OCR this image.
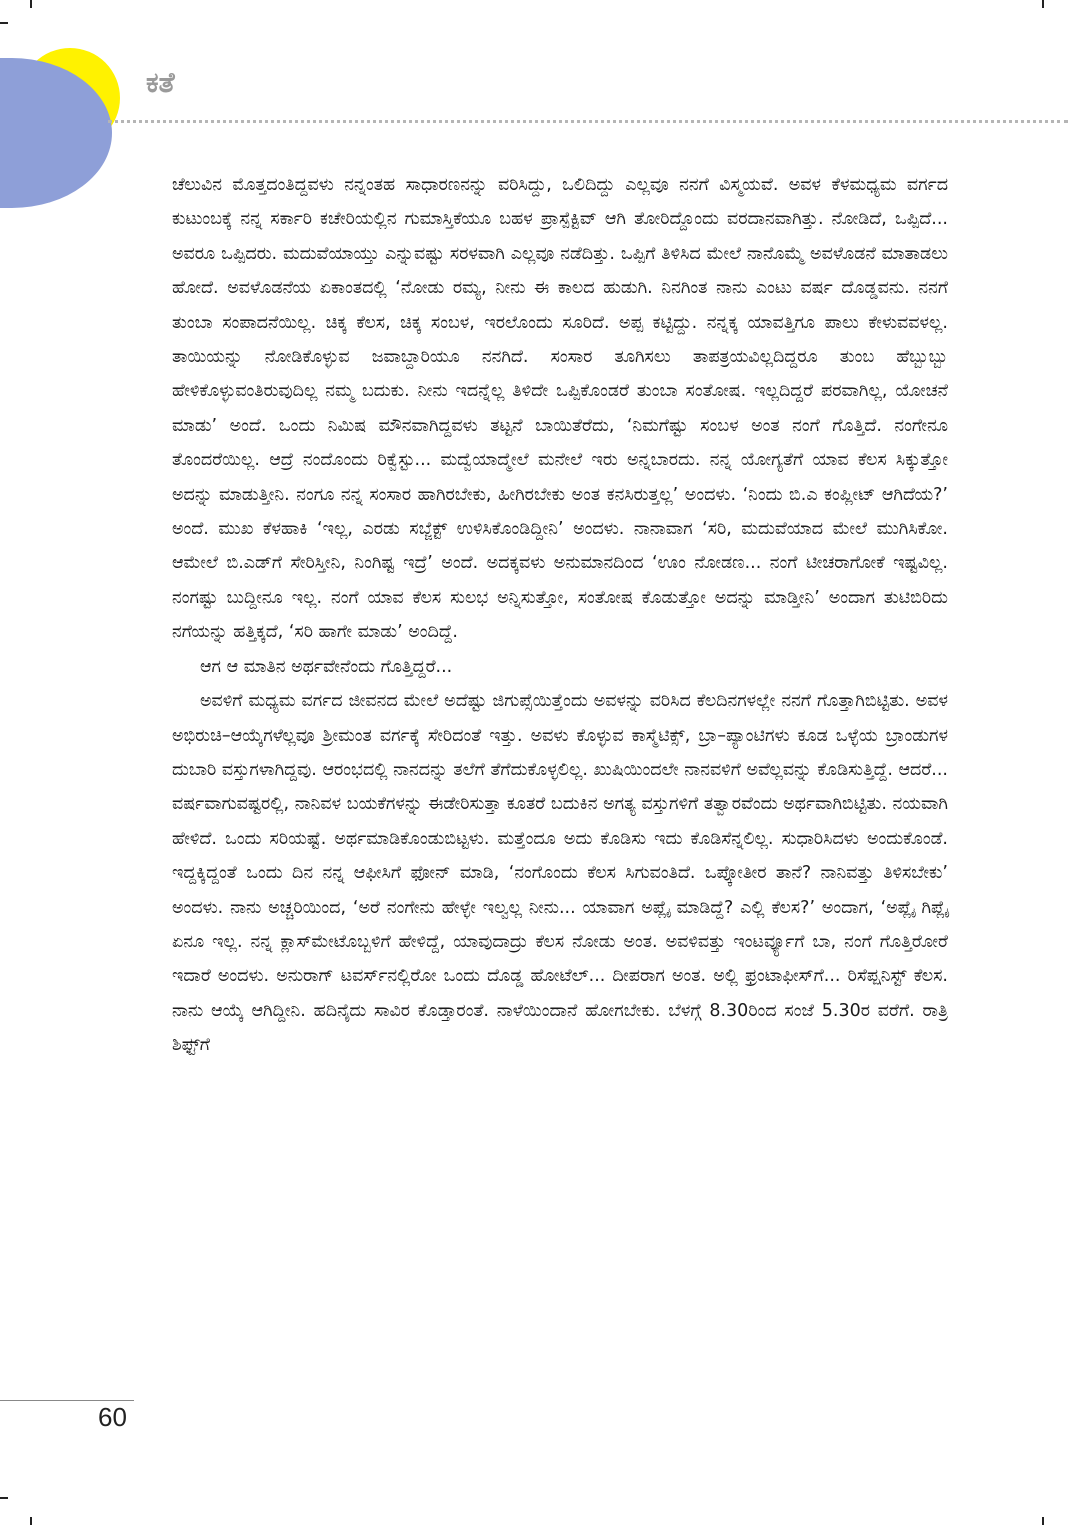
ಕತೆ

ಚೆಲುವಿನ ಮೊತ್ತದಂತಿದ್ದವಳು ನನ್ನಂತಹ ಸಾಧಾರಣನನ್ನು ವರಿಸಿದ್ದು, ಒಲಿದಿದ್ದು ಎಲ್ಲವೂ ನನಗೆ ವಿಸ್ಮಯವೆ. ಅವಳ ಕೆಳಮಧ್ಯಮ ವರ್ಗದ ಕುಟುಂಬಕ್ಕೆ ನನ್ನ ಸರ್ಕಾರಿ ಕಚೇರಿಯಲ್ಲಿನ ಗುಮಾಸ್ತಿಕೆಯೂ ಬಹಳ ಪ್ರಾಸ್ಪೆಕ್ಟಿವ್ ಆಗಿ ತೋರಿದ್ದೊಂದು ವರದಾನವಾಗಿತ್ತು. ನೋಡಿದೆ, ಒಪ್ಪಿದೆ... ಅವರೂ ಒಪ್ಪಿದರು. ಮದುವೆಯಾಯ್ತು ಎನ್ನುವಷ್ಟು ಸರಳವಾಗಿ ಎಲ್ಲವೂ ನಡೆದಿತ್ತು. ಒಪ್ಪಿಗೆ ತಿಳಿಸಿದ ಮೇಲೆ ನಾನೊಮ್ಮೆ ಅವಳೊಡನೆ ಮಾತಾಡಲು ಹೋದೆ. ಅವಳೊಡನೆಯ ಏಕಾಂತದಲ್ಲಿ ‘ನೋಡು ರಮ್ಯ, ನೀನು ಈ ಕಾಲದ ಹುಡುಗಿ. ನಿನಗಿಂತ ನಾನು ಎಂಟು ವರ್ಷ ದೊಡ್ಡವನು. ನನಗೆ ತುಂಬಾ ಸಂಪಾದನೆಯಿಲ್ಲ. ಚಿಕ್ಕ ಕೆಲಸ, ಚಿಕ್ಕ ಸಂಬಳ, ಇರಲೊಂದು ಸೂರಿದೆ. ಅಪ್ಪ ಕಟ್ಟಿದ್ದು. ನನ್ನಕ್ಕ ಯಾವತ್ತಿಗೂ ಪಾಲು ಕೇಳುವವಳಲ್ಲ. ತಾಯಿಯನ್ನು ನೋಡಿಕೊಳ್ಳುವ ಜವಾಬ್ದಾರಿಯೂ ನನಗಿದೆ. ಸಂಸಾರ ತೂಗಿಸಲು ತಾಪತ್ರಯವಿಲ್ಲದಿದ್ದರೂ ತುಂಬ ಹೆಬ್ಬುಬ್ಬು ಹೇಳಿಕೊಳ್ಳುವಂತಿರುವುದಿಲ್ಲ ನಮ್ಮ ಬದುಕು. ನೀನು ಇದನ್ನೆಲ್ಲ ತಿಳಿದೇ ಒಪ್ಪಿಕೊಂಡರೆ ತುಂಬಾ ಸಂತೋಷ. ಇಲ್ಲದಿದ್ದರೆ ಪರವಾಗಿಲ್ಲ, ಯೋಚನೆ ಮಾಡು’ ಅಂದೆ. ಒಂದು ನಿಮಿಷ ಮೌನವಾಗಿದ್ದವಳು ತಟ್ಟನೆ ಬಾಯಿತೆರೆದು, ‘ನಿಮಗೆಷ್ಟು ಸಂಬಳ ಅಂತ ನಂಗೆ ಗೊತ್ತಿದೆ. ನಂಗೇನೂ ತೊಂದರೆಯಿಲ್ಲ. ಆದ್ರೆ ನಂದೊಂದು ರಿಕ್ವೆಸ್ಟು... ಮದ್ವೆಯಾದ್ಮೇಲೆ ಮನೇಲೆ ಇರು ಅನ್ನಬಾರದು. ನನ್ನ ಯೋಗ್ಯತೆಗೆ ಯಾವ ಕೆಲಸ ಸಿಕ್ಕುತ್ತೋ ಅದನ್ನು ಮಾಡುತ್ತೀನಿ. ನಂಗೂ ನನ್ನ ಸಂಸಾರ ಹಾಗಿರಬೇಕು, ಹೀಗಿರಬೇಕು ಅಂತ ಕನಸಿರುತ್ತಲ್ಲ’ ಅಂದಳು. ‘ನಿಂದು ಬಿ.ಎ ಕಂಪ್ಲೀಟ್ ಆಗಿದೆಯ?’ ಅಂದೆ. ಮುಖ ಕೆಳಹಾಕಿ ‘ಇಲ್ಲ, ಎರಡು ಸಬ್ಜೆಕ್ಟ್ ಉಳಿಸಿಕೊಂಡಿದ್ದೀನಿ’ ಅಂದಳು. ನಾನಾವಾಗ ‘ಸರಿ, ಮದುವೆಯಾದ ಮೇಲೆ ಮುಗಿಸಿಕೋ. ಆಮೇಲೆ ಬಿ.ಎಡ್‌ಗೆ ಸೇರಿಸ್ತೀನಿ, ನಿಂಗಿಷ್ಟ ಇದ್ರೆ’ ಅಂದೆ. ಅದಕ್ಕವಳು ಅನುಮಾನದಿಂದ ‘ಊಂ ನೋಡಣ... ನಂಗೆ ಟೀಚರಾಗೋಕೆ ಇಷ್ಟವಿಲ್ಲ. ನಂಗಷ್ಟು ಬುದ್ದೀನೂ ಇಲ್ಲ. ನಂಗೆ ಯಾವ ಕೆಲಸ ಸುಲಭ ಅನ್ನಿಸುತ್ತೋ, ಸಂತೋಷ ಕೊಡುತ್ತೋ ಅದನ್ನು ಮಾಡ್ತೀನಿ’ ಅಂದಾಗ ತುಟಿಬಿರಿದು ನಗೆಯನ್ನು ಹತ್ತಿಕ್ಕದೆ, ‘ಸರಿ ಹಾಗೇ ಮಾಡು’ ಅಂದಿದ್ದೆ.

ಆಗ ಆ ಮಾತಿನ ಅರ್ಥವೇನೆಂದು ಗೊತ್ತಿದ್ದರೆ...

ಅವಳಿಗೆ ಮಧ್ಯಮ ವರ್ಗದ ಜೀವನದ ಮೇಲೆ ಅದೆಷ್ಟು ಜಿಗುಪ್ಸೆಯಿತ್ತೆಂದು ಅವಳನ್ನು ವರಿಸಿದ ಕೆಲದಿನಗಳಲ್ಲೇ ನನಗೆ ಗೊತ್ತಾಗಿಬಿಟ್ಟಿತು. ಅವಳ ಅಭಿರುಚಿ–ಆಯ್ಕೆಗಳೆಲ್ಲವೂ ಶ್ರೀಮಂತ ವರ್ಗಕ್ಕೆ ಸೇರಿದಂತೆ ಇತ್ತು. ಅವಳು ಕೊಳ್ಳುವ ಕಾಸ್ಮೆಟಿಕ್ಸ್, ಬ್ರಾ–ಪ್ಯಾಂಟಿಗಳು ಕೂಡ ಒಳ್ಳೆಯ ಬ್ರಾಂಡುಗಳ ದುಬಾರಿ ವಸ್ತುಗಳಾಗಿದ್ದವು. ಆರಂಭದಲ್ಲಿ ನಾನದನ್ನು ತಲೆಗೆ ತೆಗೆದುಕೊಳ್ಳಲಿಲ್ಲ. ಖುಷಿಯಿಂದಲೇ ನಾನವಳಿಗೆ ಅವೆಲ್ಲವನ್ನು ಕೊಡಿಸುತ್ತಿದ್ದೆ. ಆದರೆ... ವರ್ಷವಾಗುವಷ್ಟರಲ್ಲಿ, ನಾನಿವಳ ಬಯಕೆಗಳನ್ನು ಈಡೇರಿಸುತ್ತಾ ಕೂತರೆ ಬದುಕಿನ ಅಗತ್ಯ ವಸ್ತುಗಳಿಗೆ ತತ್ವಾರವೆಂದು ಅರ್ಥವಾಗಿಬಿಟ್ಟಿತು. ನಯವಾಗಿ ಹೇಳಿದೆ. ಒಂದು ಸರಿಯಷ್ಟೆ. ಅರ್ಥಮಾಡಿಕೊಂಡುಬಿಟ್ಟಳು. ಮತ್ತೆಂದೂ ಅದು ಕೊಡಿಸು ಇದು ಕೊಡಿಸೆನ್ನಲಿಲ್ಲ. ಸುಧಾರಿಸಿದಳು ಅಂದುಕೊಂಡೆ. ಇದ್ದಕ್ಕಿದ್ದಂತೆ ಒಂದು ದಿನ ನನ್ನ ಆಫೀಸಿಗೆ ಫೋನ್ ಮಾಡಿ, ‘ನಂಗೊಂದು ಕೆಲಸ ಸಿಗುವಂತಿದೆ. ಒಪ್ಕೋತೀರ ತಾನೆ? ನಾನಿವತ್ತು ತಿಳಿಸಬೇಕು’ ಅಂದಳು. ನಾನು ಅಚ್ಚರಿಯಿಂದ, ‘ಅರೆ ನಂಗೇನು ಹೇಳ್ಳೇ ಇಲ್ವಲ್ಲ ನೀನು... ಯಾವಾಗ ಅಪ್ಲೈ ಮಾಡಿದ್ದೆ? ಎಲ್ಲಿ ಕೆಲಸ?’ ಅಂದಾಗ, ‘ಅಪ್ಲೈ ಗಿಪ್ಲೈ ಏನೂ ಇಲ್ಲ. ನನ್ನ ಕ್ಲಾಸ್‌ಮೇಟೊಬ್ಬಳಿಗೆ ಹೇಳಿದ್ದೆ, ಯಾವುದಾದ್ರು ಕೆಲಸ ನೋಡು ಅಂತ. ಅವಳಿವತ್ತು ಇಂಟರ್ವ್ಯೂಗೆ ಬಾ, ನಂಗೆ ಗೊತ್ತಿರೋರೆ ಇದಾರೆ ಅಂದಳು. ಅನುರಾಗ್ ಟವರ್ಸ್‌ನಲ್ಲಿರೋ ಒಂದು ದೊಡ್ಡ ಹೋಟೆಲ್... ದೀಪರಾಗ ಅಂತ. ಅಲ್ಲಿ ಫ್ರಂಟಾಫೀಸ್‌ಗೆ... ರಿಸೆಪ್ಷನಿಸ್ಟ್ ಕೆಲಸ. ನಾನು ಆಯ್ಕೆ ಆಗಿದ್ದೀನಿ. ಹದಿನೈದು ಸಾವಿರ ಕೊಡ್ತಾರಂತೆ. ನಾಳೆಯಿಂದಾನೆ ಹೋಗಬೇಕು. ಬೆಳಗ್ಗೆ 8.30ರಿಂದ ಸಂಜೆ 5.30ರ ವರೆಗೆ. ರಾತ್ರಿ ಶಿಫ್ಟ್‌ಗೆ

60
